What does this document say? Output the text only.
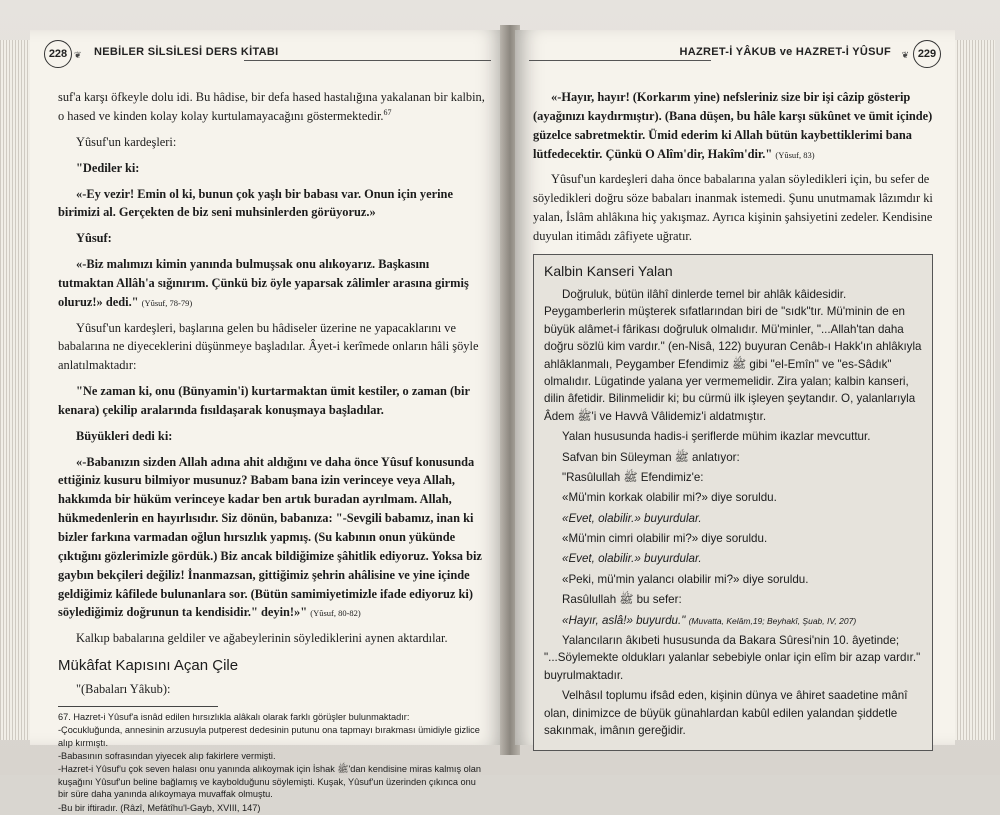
228 ❦ NEBİLER SİLSİLESİ DERS KİTABI

suf'a karşı öfkeyle dolu idi. Bu hâdise, bir defa hased hastalığına yakalanan bir kalbin, o hased ve kinden kolay kolay kurtulamayacağını göstermektedir.$^{67}$

Yûsuf'un kardeşleri:

"Dediler ki:

«-Ey vezir! Emin ol ki, bunun çok yaşlı bir babası var. Onun için yerine birimizi al. Gerçekten de biz seni muhsinlerden görüyoruz.»

Yûsuf:

«-Biz malımızı kimin yanında bulmuşsak onu alıkoyarız. Başkasını tutmaktan Allâh'a sığınırım. Çünkü biz öyle yaparsak zâlimler arasına girmiş oluruz!» dedi." (Yûsuf, 78-79)

Yûsuf'un kardeşleri, başlarına gelen bu hâdiseler üzerine ne yapacaklarını ve babalarına ne diyeceklerini düşünmeye başladılar. Âyet-i kerîmede onların hâli şöyle anlatılmaktadır:

"Ne zaman ki, onu (Bünyamin'i) kurtarmaktan ümit kestiler, o zaman (bir kenara) çekilip aralarında fısıldaşarak konuşmaya başladılar.

Büyükleri dedi ki:

«-Babanızın sizden Allah adına ahit aldığını ve daha önce Yûsuf konusunda ettiğiniz kusuru bilmiyor musunuz? Babam bana izin verinceye veya Allah, hakkımda bir hüküm verinceye kadar ben artık buradan ayrılmam. Allah, hükmedenlerin en hayırlısıdır. Siz dönün, babanıza: "-Sevgili babamız, inan ki bizler farkına varmadan oğlun hırsızlık yapmış. (Su kabının onun yükünde çıktığını gözlerimizle gördük.) Biz ancak bildiğimize şâhitlik ediyoruz. Yoksa biz gaybın bekçileri değiliz! İnanmazsan, gittiğimiz şehrin ahâlisine ve yine içinde geldiğimiz kâfilede bulunanlara sor. (Bütün samimiyetimizle ifade ediyoruz ki) söylediğimiz doğrunun ta kendisidir." deyin!»" (Yûsuf, 80-82)

Kalkıp babalarına geldiler ve ağabeylerinin söylediklerini aynen aktardılar.

Mükâfat Kapısını Açan Çile

"(Babaları Yâkub):

67. Hazret-i Yûsuf'a isnâd edilen hırsızlıkla alâkalı olarak farklı görüşler bulunmaktadır:

-Çocukluğunda, annesinin arzusuyla putperest dedesinin putunu ona tapmayı bırakması ümidiyle gizlice alıp kırmıştı.

-Babasının sofrasından yiyecek alıp fakirlere vermişti.

-Hazret-i Yûsuf'u çok seven halası onu yanında alıkoymak için İshak ﷺ'dan kendisine miras kalmış olan kuşağını Yûsuf'un beline bağlamış ve kaybolduğunu söylemişti. Kuşak, Yûsuf'un üzerinden çıkınca onu bir süre daha yanında alıkoymaya muvaffak olmuştu.

-Bu bir iftiradır. (Râzî, Mefâtîhu'l-Gayb, XVIII, 147)

HAZRET-İ YÂKUB ve HAZRET-İ YÛSUF ❦ 229

«-Hayır, hayır! (Korkarım yine) nefsleriniz size bir işi câzip gösterip (ayağınızı kaydırmıştır). (Bana düşen, bu hâle karşı sükûnet ve ümit içinde) güzelce sabretmektir. Ümid ederim ki Allah bütün kaybettiklerimi bana lütfedecektir. Çünkü O Alîm'dir, Hakîm'dir." (Yûsuf, 83)

Yûsuf'un kardeşleri daha önce babalarına yalan söyledikleri için, bu sefer de söyledikleri doğru söze babaları inanmak istemedi. Şunu unutmamak lâzımdır ki yalan, İslâm ahlâkına hiç yakışmaz. Ayrıca kişinin şahsiyetini zedeler. Kendisine duyulan itimâdı zâfiyete uğratır.

Kalbin Kanseri Yalan

Doğruluk, bütün ilâhî dinlerde temel bir ahlâk kâidesidir. Peygamberlerin müşterek sıfatlarından biri de "sıdk"tır. Mü'minin de en büyük alâmet-i fârikası doğruluk olmalıdır. Mü'minler, "...Allah'tan daha doğru sözlü kim vardır." (en-Nisâ, 122) buyuran Cenâb-ı Hakk'ın ahlâkıyla ahlâklanmalı, Peygamber Efendimiz ﷺ gibi "el-Emîn" ve "es-Sâdık" olmalıdır. Lügatinde yalana yer vermemelidir. Zira yalan; kalbin kanseri, dilin âfetidir. Bilinmelidir ki; bu cürmü ilk işleyen şeytandır. O, yalanlarıyla Âdem ﷺ'i ve Havvâ Vâlidemiz'i aldatmıştır.

Yalan hususunda hadis-i şeriflerde mühim ikazlar mevcuttur.

Safvan bin Süleyman ﷺ anlatıyor:

"Rasûlullah ﷺ Efendimiz'e:

«Mü'min korkak olabilir mi?» diye soruldu.

«Evet, olabilir.» buyurdular.

«Mü'min cimri olabilir mi?» diye soruldu.

«Evet, olabilir.» buyurdular.

«Peki, mü'min yalancı olabilir mi?» diye soruldu.

Rasûlullah ﷺ bu sefer:

«Hayır, aslâ!» buyurdu." (Muvatta, Kelâm,19; Beyhakî, Şuab, IV, 207)

Yalancıların âkıbeti hususunda da Bakara Sûresi'nin 10. âyetinde; "...Söylemekte oldukları yalanlar sebebiyle onlar için elîm bir azap vardır." buyrulmaktadır.

Velhâsıl toplumu ifsâd eden, kişinin dünya ve âhiret saadetine mânî olan, dinimizce de büyük günahlardan kabûl edilen yalandan şiddetle sakınmak, imânın gereğidir.
